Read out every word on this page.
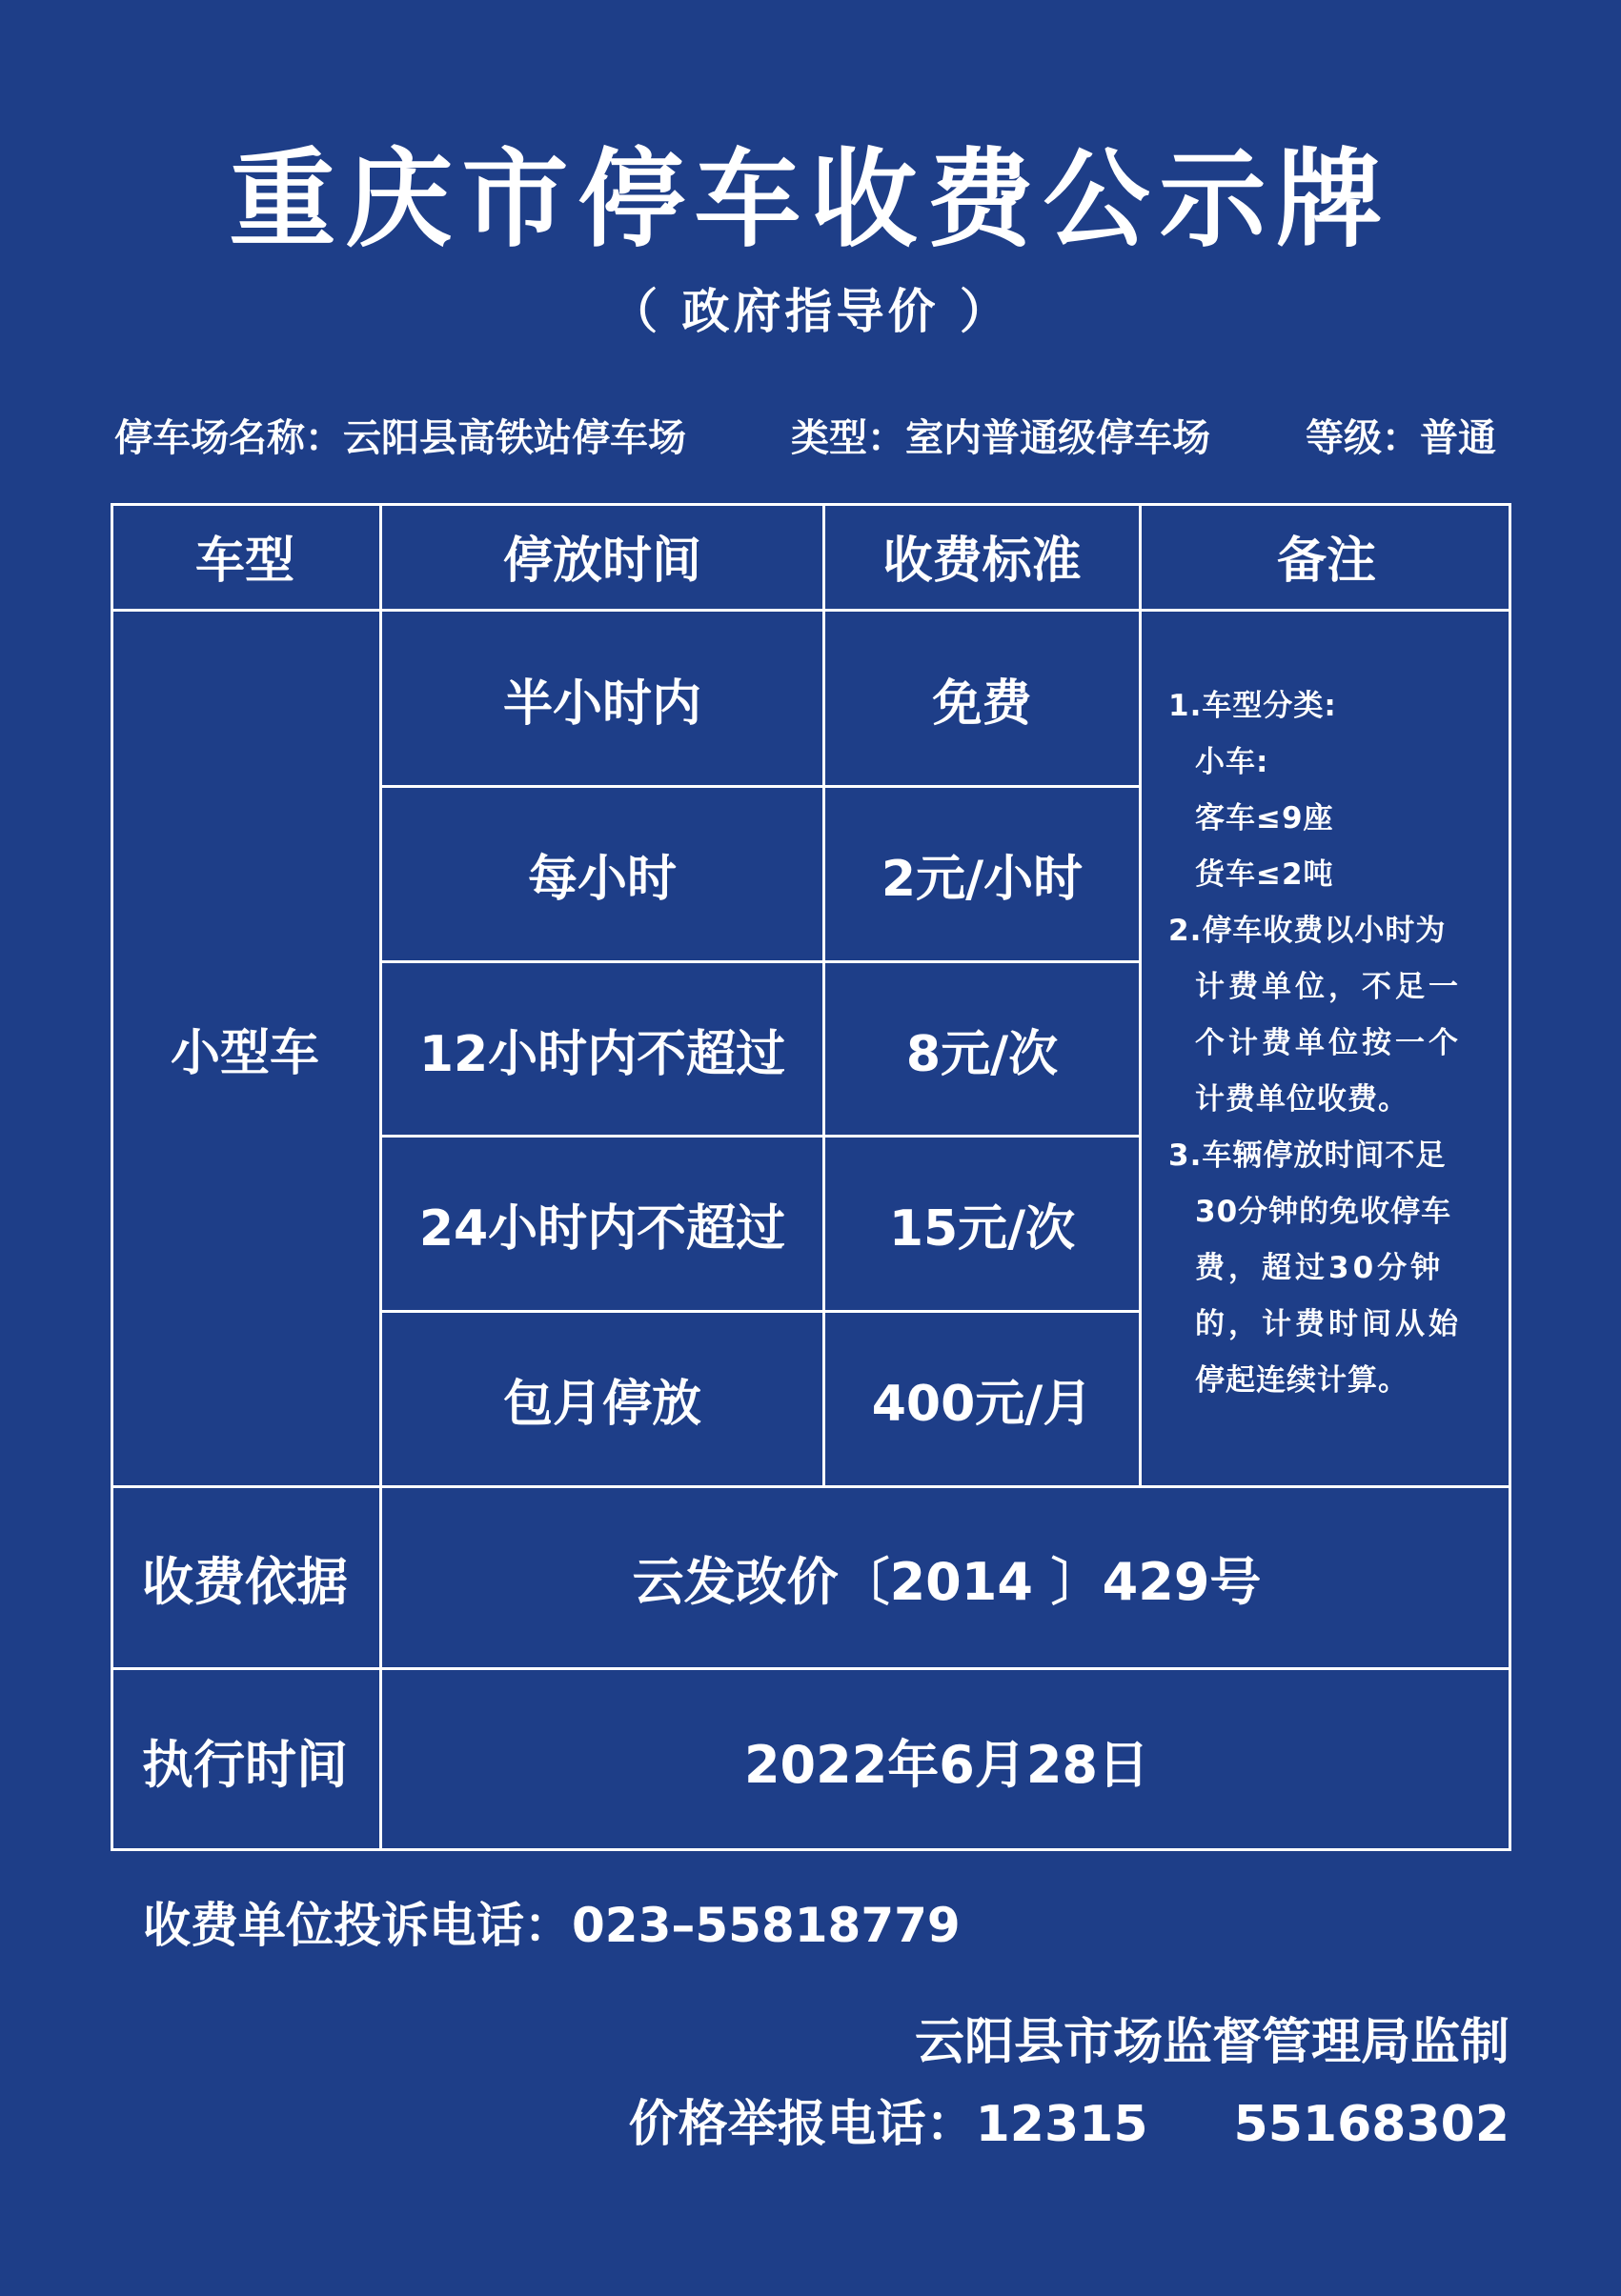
重庆市停车收费公示牌
（ 政府指导价 ）
停车场名称：云阳县高铁站停车场	类型：室内普通级停车场	等级：普通
车型	停放时间	收费标准	备注
小型车
半小时内	免费
每小时	2元/小时
12小时内不超过	8元/次
24小时内不超过	15元/次
包月停放	400元/月
1.车型分类:
小车:
客车≤9座
货车≤2吨
2.停车收费以小时为
计费单位，不足一
个计费单位按一个
计费单位收费。
3.车辆停放时间不足
30分钟的免收停车
费，超过30分钟
的，计费时间从始
停起连续计算。
收费依据	云发改价〔2014 〕429号
执行时间	2022年6月28日
收费单位投诉电话：023–55818779
云阳县市场监督管理局监制
价格举报电话：12315 55168302
